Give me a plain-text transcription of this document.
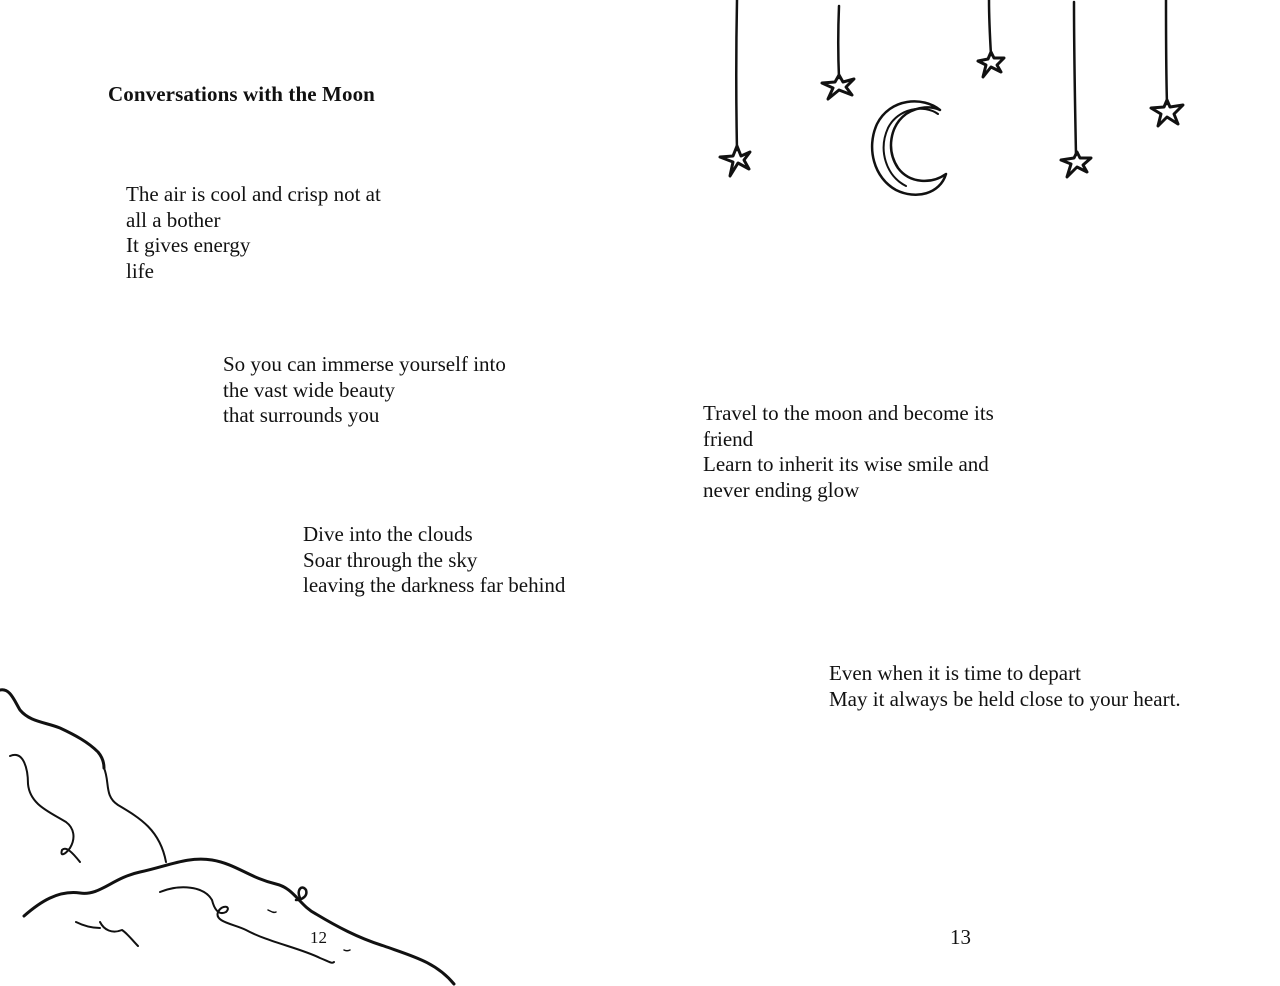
Conversations with the Moon

The air is cool and crisp not at
all a bother
It gives energy
life

So you can immerse yourself into
the vast wide beauty
that surrounds you

Dive into the clouds
Soar through the sky
leaving the darkness far behind

12

Travel to the moon and become its
friend
Learn to inherit its wise smile and
never ending glow

Even when it is time to depart
May it always be held close to your heart.

13
